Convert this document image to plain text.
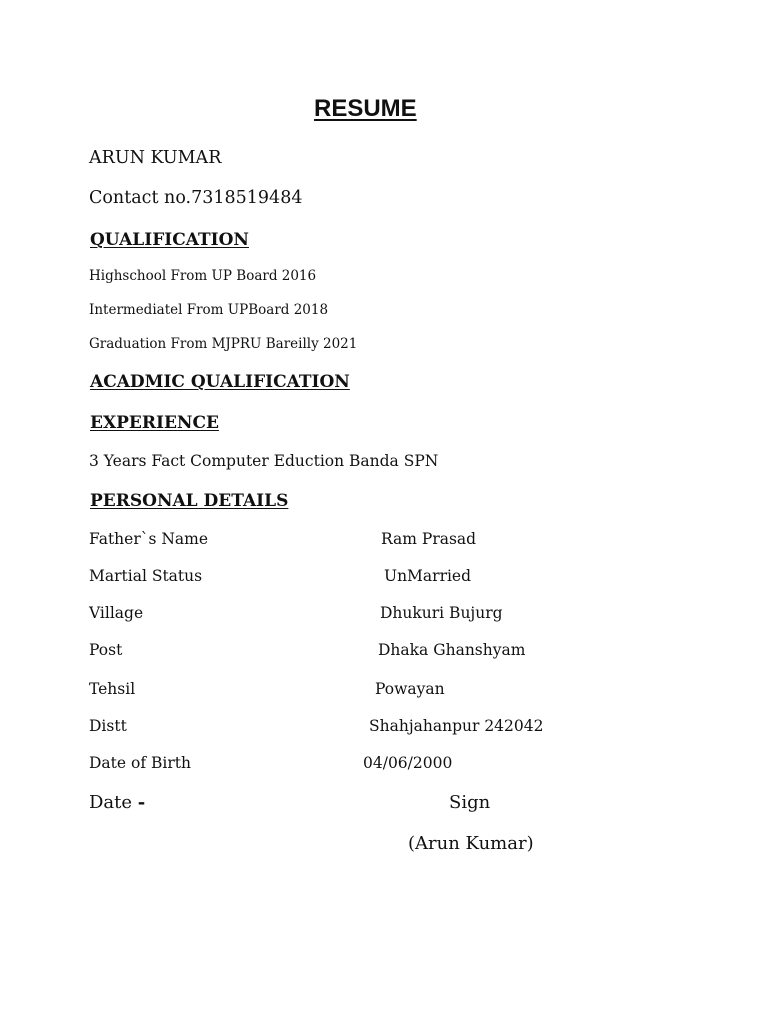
RESUME
ARUN KUMAR
Contact no.7318519484
QUALIFICATION
Highschool From UP Board 2016
Intermediatel From UPBoard 2018
Graduation From MJPRU Bareilly 2021
ACADMIC QUALIFICATION
EXPERIENCE
3 Years Fact Computer Eduction Banda SPN
PERSONAL DETAILS
Father`s Name	Ram Prasad
Martial Status	UnMarried
Village	Dhukuri Bujurg
Post	Dhaka Ghanshyam
Tehsil	Powayan
Distt	Shahjahanpur 242042
Date of Birth	04/06/2000
Date -	Sign
(Arun Kumar)
